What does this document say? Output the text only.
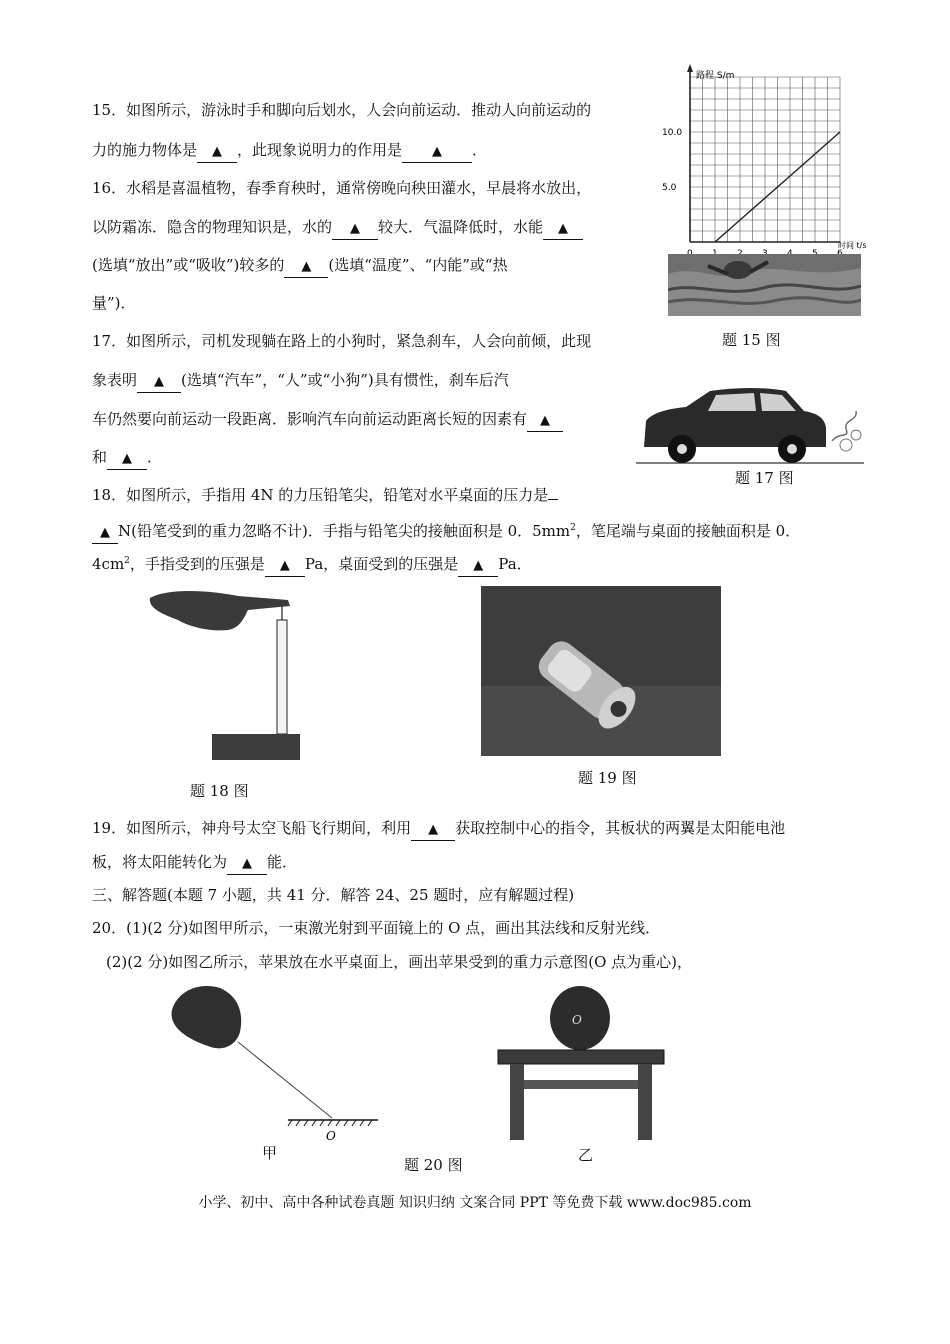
15．如图所示，游泳时手和脚向后划水，人会向前运动．推动人向前运动的
力的施力物体是 ▲ ，此现象说明力的作用是 ▲ ．
16．水稻是喜温植物，春季育秧时，通常傍晚向秧田灌水，早晨将水放出，
以防霜冻．隐含的物理知识是，水的 ▲ 较大．气温降低时，水能 ▲
(选填“放出”或“吸收”)较多的 ▲ (选填“温度”、“内能”或“热
量”)．
17．如图所示，司机发现躺在路上的小狗时，紧急刹车，人会向前倾，此现
象表明 ▲ (选填“汽车”，“人”或“小狗”)具有惯性，刹车后汽
车仍然要向前运动一段距离．影响汽车向前运动距离长短的因素有 ▲
和 ▲ ．
18．如图所示，手指用 4N 的力压铅笔尖，铅笔对水平桌面的压力是
▲ N(铅笔受到的重力忽略不计)．手指与铅笔尖的接触面积是 0．$5mm^2$，笔尾端与桌面的接触面积是 0．
$4cm^2$，手指受到的压强是 ▲ Pa，桌面受到的压强是 ▲ Pa．
19．如图所示，神舟号太空飞船飞行期间，利用 ▲ 获取控制中心的指令，其板状的两翼是太阳能电池
板，将太阳能转化为 ▲ 能．
三、解答题(本题 7 小题，共 41 分．解答 24、25 题时，应有解题过程)
20．(1)(2 分)如图甲所示，一束激光射到平面镜上的 O 点，画出其法线和反射光线．
(2)(2 分)如图乙所示，苹果放在水平桌面上，画出苹果受到的重力示意图(O 点为重心)，
路程 S/m
时间 t/s
5.0
10.0
题 15 图
题 17 图
题 18 图
题 19 图
O
甲
题 20 图
O
乙
小学、初中、高中各种试卷真题 知识归纳 文案合同 PPT 等免费下载 www.doc985.com
